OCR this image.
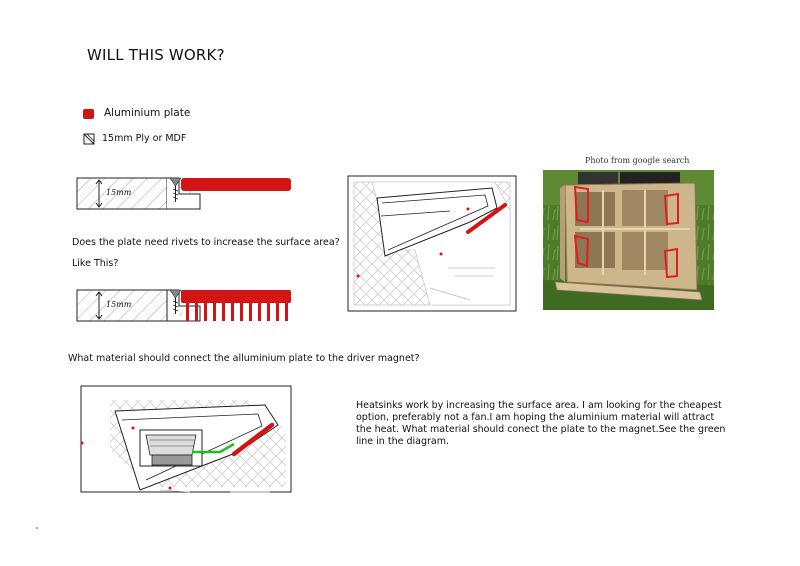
WILL THIS WORK?
Aluminium plate
15mm Ply or MDF
15mm
15mm
Does the plate need rivets to increase the surface area?
Like This?
What material should connect the alluminium plate to the driver magnet?
Photo from google search
Heatsinks work by increasing the surface area. I am looking for the cheapest option, preferably not a fan.I am hoping the aluminium material will attract the heat. What material should conect the plate to the magnet.See the green line in the diagram.
